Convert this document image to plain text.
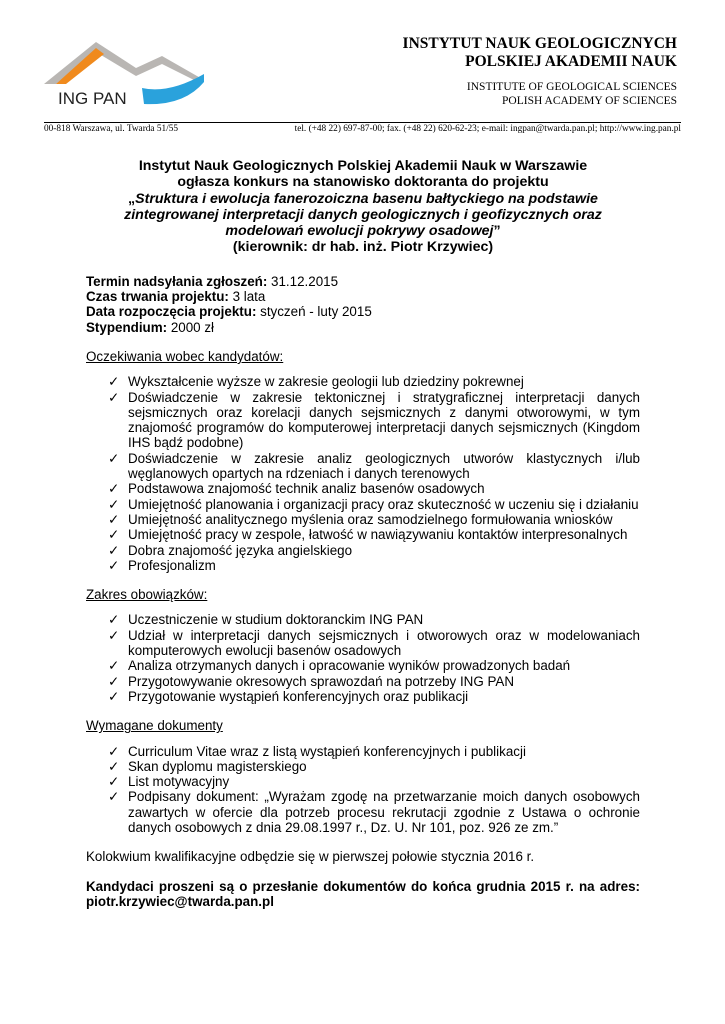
ING PAN
INSTYTUT NAUK GEOLOGICZNYCH
POLSKIEJ AKADEMII NAUK
INSTITUTE OF GEOLOGICAL SCIENCES
POLISH ACADEMY OF SCIENCES
00-818 Warszawa, ul. Twarda 51/55	tel. (+48 22) 697-87-00; fax. (+48 22) 620-62-23; e-mail: ingpan@twarda.pan.pl; http://www.ing.pan.pl
Instytut Nauk Geologicznych Polskiej Akademii Nauk w Warszawie
ogłasza konkurs na stanowisko doktoranta do projektu
„Struktura i ewolucja fanerozoiczna basenu bałtyckiego na podstawie zintegrowanej interpretacji danych geologicznych i geofizycznych oraz modelowań ewolucji pokrywy osadowej”
(kierownik: dr hab. inż. Piotr Krzywiec)
Termin nadsyłania zgłoszeń: 31.12.2015
Czas trwania projektu: 3 lata
Data rozpoczęcia projektu: styczeń - luty 2015
Stypendium: 2000 zł
Oczekiwania wobec kandydatów:
✓ Wykształcenie wyższe w zakresie geologii lub dziedziny pokrewnej
✓ Doświadczenie w zakresie tektonicznej i stratygraficznej interpretacji danych sejsmicznych oraz korelacji danych sejsmicznych z danymi otworowymi, w tym znajomość programów do komputerowej interpretacji danych sejsmicznych (Kingdom IHS bądź podobne)
✓ Doświadczenie w zakresie analiz geologicznych utworów klastycznych i/lub węglanowych opartych na rdzeniach i danych terenowych
✓ Podstawowa znajomość technik analiz basenów osadowych
✓ Umiejętność planowania i organizacji pracy oraz skuteczność w uczeniu się i działaniu
✓ Umiejętność analitycznego myślenia oraz samodzielnego formułowania wniosków
✓ Umiejętność pracy w zespole, łatwość w nawiązywaniu kontaktów interpresonalnych
✓ Dobra znajomość języka angielskiego
✓ Profesjonalizm
Zakres obowiązków:
✓ Uczestniczenie w studium doktoranckim ING PAN
✓ Udział w interpretacji danych sejsmicznych i otworowych oraz w modelowaniach komputerowych ewolucji basenów osadowych
✓ Analiza otrzymanych danych i opracowanie wyników prowadzonych badań
✓ Przygotowywanie okresowych sprawozdań na potrzeby ING PAN
✓ Przygotowanie wystąpień konferencyjnych oraz publikacji
Wymagane dokumenty
✓ Curriculum Vitae wraz z listą wystąpień konferencyjnych i publikacji
✓ Skan dyplomu magisterskiego
✓ List motywacyjny
✓ Podpisany dokument: „Wyrażam zgodę na przetwarzanie moich danych osobowych zawartych w ofercie dla potrzeb procesu rekrutacji zgodnie z Ustawa o ochronie danych osobowych z dnia 29.08.1997 r., Dz. U. Nr 101, poz. 926 ze zm.”
Kolokwium kwalifikacyjne odbędzie się w pierwszej połowie stycznia 2016 r.
Kandydaci proszeni są o przesłanie dokumentów do końca grudnia 2015 r. na adres: piotr.krzywiec@twarda.pan.pl
